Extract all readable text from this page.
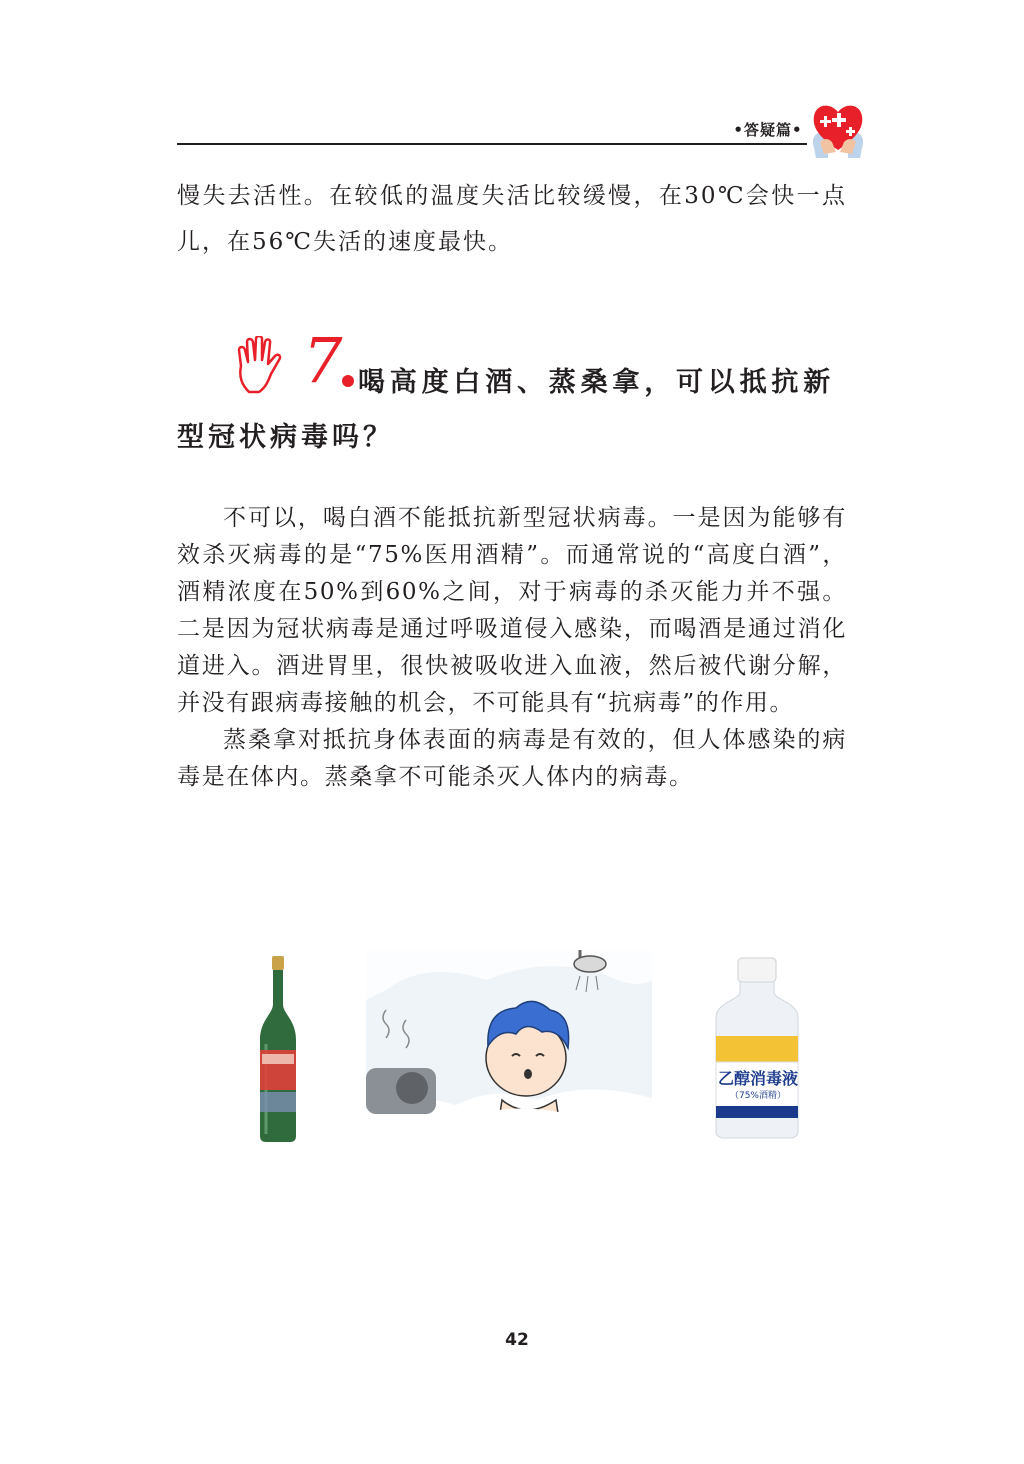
•答疑篇•

慢失去活性。在较低的温度失活比较缓慢，在30℃会快一点儿，在56℃失活的速度最快。

7 喝高度白酒、蒸桑拿，可以抵抗新
型冠状病毒吗？

不可以，喝白酒不能抵抗新型冠状病毒。一是因为能够有效杀灭病毒的是“75%医用酒精”。而通常说的“高度白酒”，酒精浓度在50%到60%之间，对于病毒的杀灭能力并不强。二是因为冠状病毒是通过呼吸道侵入感染，而喝酒是通过消化道进入。酒进胃里，很快被吸收进入血液，然后被代谢分解，并没有跟病毒接触的机会，不可能具有“抗病毒”的作用。

蒸桑拿对抵抗身体表面的病毒是有效的，但人体感染的病毒是在体内。蒸桑拿不可能杀灭人体内的病毒。

乙醇消毒液
（75%酒精）
42
